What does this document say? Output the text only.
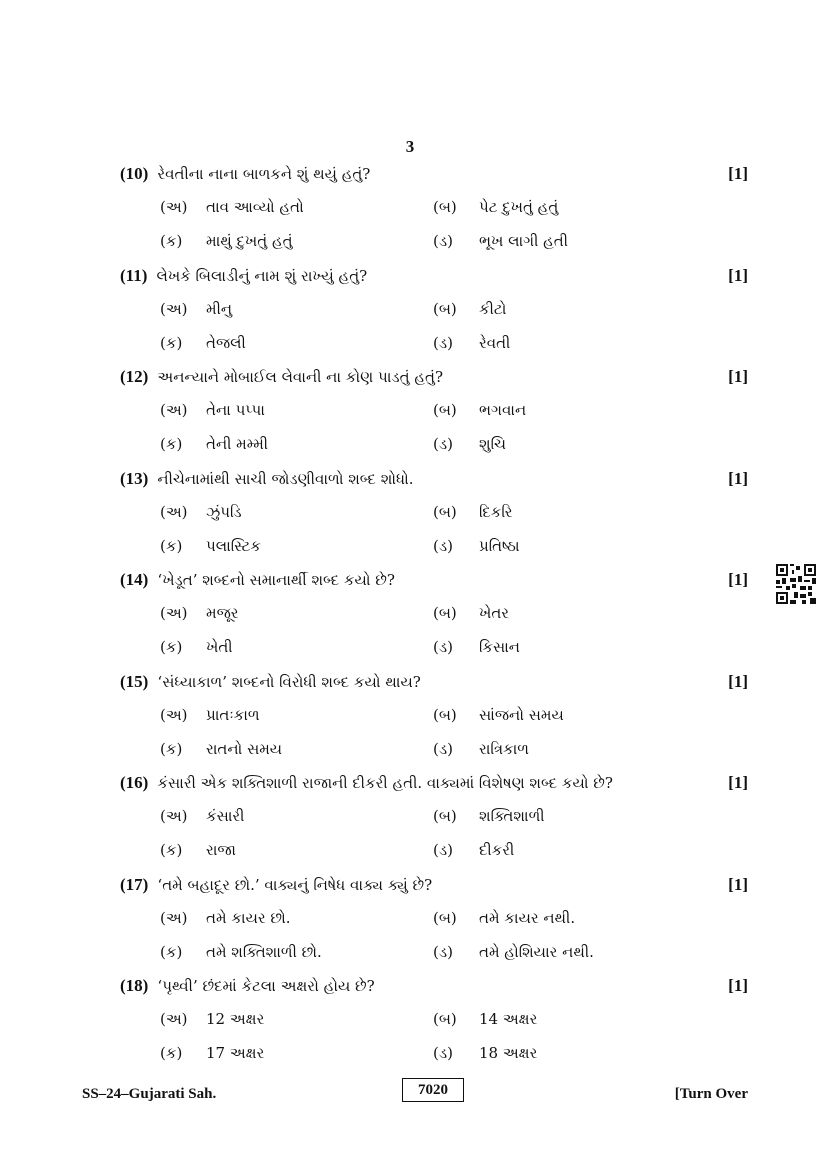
3
(10) રેવતીના નાના બાળકને શું થયું હતું?	[1]
(અ) તાવ આવ્યો હતો	(બ) પેટ દુખતું હતું
(ક) માથું દુખતું હતું	(ડ) ભૂખ લાગી હતી
(11) લેખકે બિલાડીનું નામ શું રાખ્યું હતું?	[1]
(અ) મીનુ	(બ) કીટો
(ક) તેજલી	(ડ) રેવતી
(12) અનન્યાને મોબાઈલ લેવાની ના કોણ પાડતું હતું?	[1]
(અ) તેના પપ્પા	(બ) ભગવાન
(ક) તેની મમ્મી	(ડ) શુચિ
(13) નીચેનામાંથી સાચી જોડણીવાળો શબ્દ શોધો.	[1]
(અ) ઝુંપડિ	(બ) દિકરિ
(ક) પલાસ્ટિક	(ડ) પ્રતિષ્ઠા
(14) ‘ખેડૂત’ શબ્દનો સમાનાર્થી શબ્દ કયો છે?	[1]
(અ) મજૂર	(બ) ખેતર
(ક) ખેતી	(ડ) કિસાન
(15) ‘સંધ્યાકાળ’ શબ્દનો વિરોધી શબ્દ કયો થાય?	[1]
(અ) પ્રાતઃકાળ	(બ) સાંજનો સમય
(ક) રાતનો સમય	(ડ) રાત્રિકાળ
(16) કંસારી એક શક્તિશાળી રાજાની દીકરી હતી. વાક્યમાં વિશેષણ શબ્દ કયો છે?	[1]
(અ) કંસારી	(બ) શક્તિશાળી
(ક) રાજા	(ડ) દીકરી
(17) ‘તમે બહાદૂર છો.’ વાક્યનું નિષેધ વાક્ય ક્યું છે?	[1]
(અ) તમે કાયર છો.	(બ) તમે કાયર નથી.
(ક) તમે શક્તિશાળી છો.	(ડ) તમે હોશિયાર નથી.
(18) ‘પૃથ્વી’ છંદમાં કેટલા અક્ષરો હોય છે?	[1]
(અ) 12 અક્ષર	(બ) 14 અક્ષર
(ક) 17 અક્ષર	(ડ) 18 અક્ષર
SS–24–Gujarati Sah.	7020	[Turn Over
